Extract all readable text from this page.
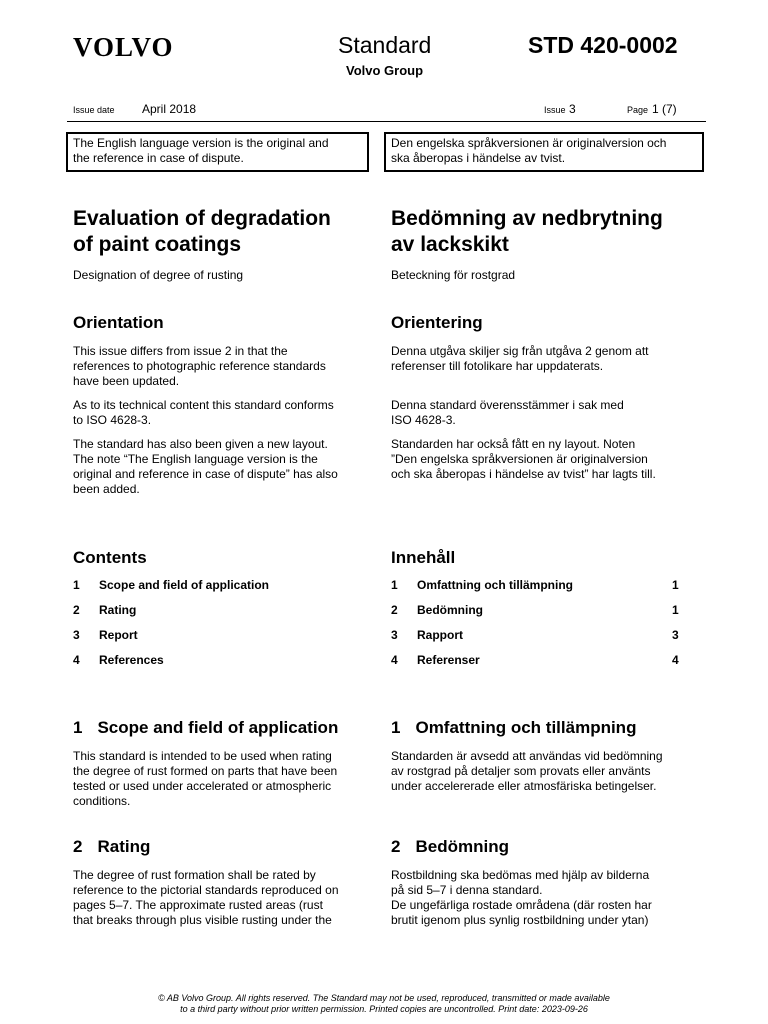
VOLVO	Standard
Volvo Group
STD 420-0002
Issue date April 2018	Issue 3	Page 1 (7)
The English language version is the original and
the reference in case of dispute.
Den engelska språkversionen är originalversion och
ska åberopas i händelse av tvist.
Evaluation of degradation
of paint coatings
Bedömning av nedbrytning
av lackskikt
Designation of degree of rusting	Beteckning för rostgrad
Orientation	Orientering
This issue differs from issue 2 in that the
references to photographic reference standards
have been updated.
Denna utgåva skiljer sig från utgåva 2 genom att
referenser till fotolikare har uppdaterats.
As to its technical content this standard conforms
to ISO 4628-3.
Denna standard överensstämmer i sak med
ISO 4628-3.
The standard has also been given a new layout.
The note “The English language version is the
original and reference in case of dispute” has also
been added.
Standarden har också fått en ny layout. Noten
”Den engelska språkversionen är originalversion
och ska åberopas i händelse av tvist” har lagts till.
Contents	Innehåll
1 Scope and field of application
2 Rating
3 Report
4 References
1 Omfattning och tillämpning	1
2 Bedömning	1
3 Rapport	3
4 Referenser	4
1 Scope and field of application	1 Omfattning och tillämpning
This standard is intended to be used when rating
the degree of rust formed on parts that have been
tested or used under accelerated or atmospheric
conditions.
Standarden är avsedd att användas vid bedömning
av rostgrad på detaljer som provats eller använts
under accelererade eller atmosfäriska betingelser.
2 Rating	2 Bedömning
The degree of rust formation shall be rated by
reference to the pictorial standards reproduced on
pages 5–7. The approximate rusted areas (rust
that breaks through plus visible rusting under the
Rostbildning ska bedömas med hjälp av bilderna
på sid 5–7 i denna standard.
De ungefärliga rostade områdena (där rosten har
brutit igenom plus synlig rostbildning under ytan)
© AB Volvo Group. All rights reserved. The Standard may not be used, reproduced, transmitted or made available
to a third party without prior written permission. Printed copies are uncontrolled. Print date: 2023-09-26
